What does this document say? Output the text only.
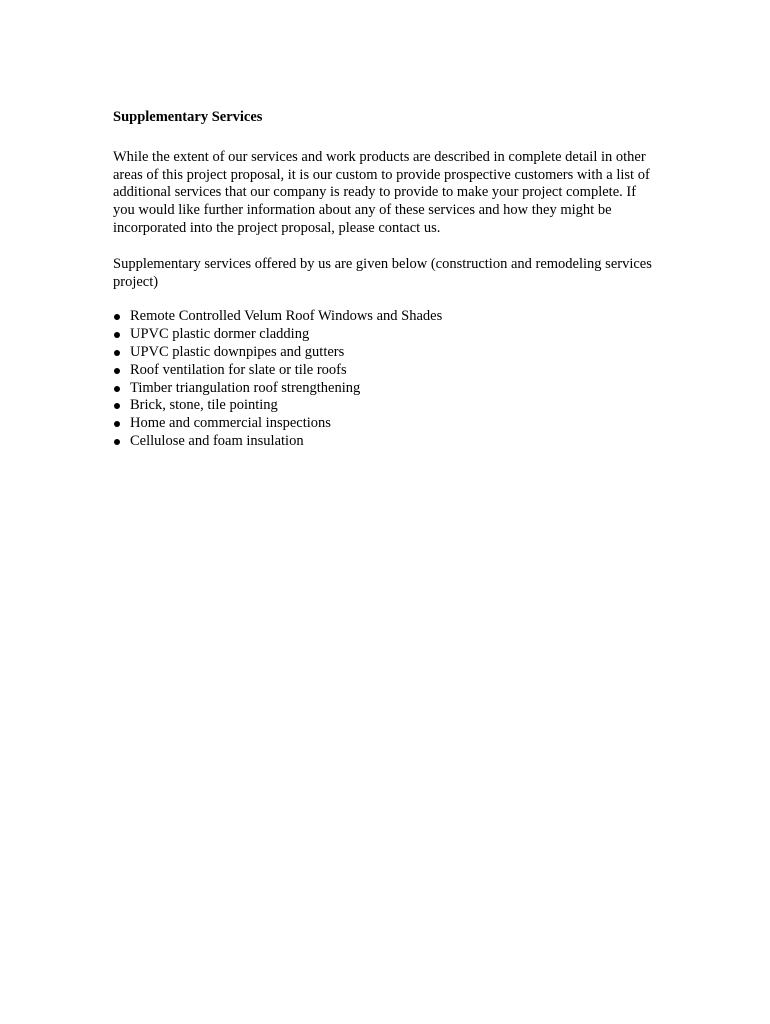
Supplementary Services

While the extent of our services and work products are described in complete detail in other areas of this project proposal, it is our custom to provide prospective customers with a list of additional services that our company is ready to provide to make your project complete. If you would like further information about any of these services and how they might be incorporated into the project proposal, please contact us.

Supplementary services offered by us are given below (construction and remodeling services project)

Remote Controlled Velum Roof Windows and Shades
UPVC plastic dormer cladding
UPVC plastic downpipes and gutters
Roof ventilation for slate or tile roofs
Timber triangulation roof strengthening
Brick, stone, tile pointing
Home and commercial inspections
Cellulose and foam insulation
